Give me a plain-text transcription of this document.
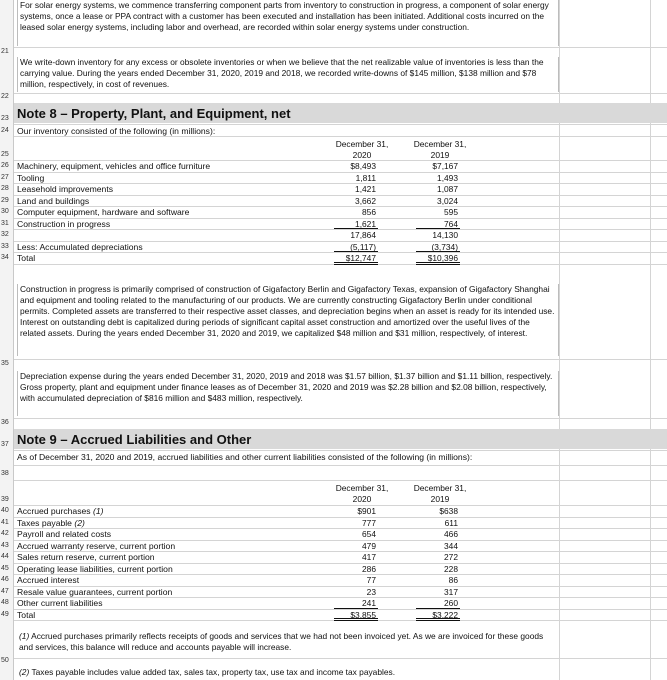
For solar energy systems, we commence transferring component parts from inventory to construction in progress, a component of solar energy systems, once a lease or PPA contract with a customer has been executed and installation has been initiated. Additional costs incurred on the leased solar energy systems, including labor and overhead, are recorded within solar energy systems under construction.
21
We write-down inventory for any excess or obsolete inventories or when we believe that the net realizable value of inventories is less than the carrying value. During the years ended December 31, 2020, 2019 and 2018, we recorded write-downs of $145 million, $138 million and $78 million, respectively, in cost of revenues.
22
Note 8 – Property, Plant, and Equipment, net
23
Our inventory consisted of the following (in millions):
24
December 31,
2020
December 31,
2019
25
26 Machinery, equipment, vehicles and office furniture	$8,493	$7,167
27 Tooling	1,811	1,493
28 Leasehold improvements	1,421	1,087
29 Land and buildings	3,662	3,024
30 Computer equipment, hardware and software	856	595
31 Construction in progress	1,621	764
32	17,864	14,130
33 Less: Accumulated depreciations	(5,117)	(3,734)
34 Total	$12,747	$10,396
Construction in progress is primarily comprised of construction of Gigafactory Berlin and Gigafactory Texas, expansion of Gigafactory Shanghai and equipment and tooling related to the manufacturing of our products. We are currently constructing Gigafactory Berlin under conditional permits. Completed assets are transferred to their respective asset classes, and depreciation begins when an asset is ready for its intended use. Interest on outstanding debt is capitalized during periods of significant capital asset construction and amortized over the useful lives of the related assets. During the years ended December 31, 2020 and 2019, we capitalized $48 million and $31 million, respectively, of interest.
35
Depreciation expense during the years ended December 31, 2020, 2019 and 2018 was $1.57 billion, $1.37 billion and $1.11 billion, respectively. Gross property, plant and equipment under finance leases as of December 31, 2020 and 2019 was $2.28 billion and $2.08 billion, respectively, with accumulated depreciation of $816 million and $483 million, respectively.
36
Note 9 – Accrued Liabilities and Other
37
As of December 31, 2020 and 2019, accrued liabilities and other current liabilities consisted of the following (in millions):
38
December 31,
2020
December 31,
2019
39
40 Accrued purchases (1)	$901	$638
41 Taxes payable (2)	777	611
42 Payroll and related costs	654	466
43 Accrued warranty reserve, current portion	479	344
44 Sales return reserve, current portion	417	272
45 Operating lease liabilities, current portion	286	228
46 Accrued interest	77	86
47 Resale value guarantees, current portion	23	317
48 Other current liabilities	241	260
49 Total	$3,855	$3,222
(1) Accrued purchases primarily reflects receipts of goods and services that we had not been invoiced yet. As we are invoiced for these goods and services, this balance will reduce and accounts payable will increase.
50
(2) Taxes payable includes value added tax, sales tax, property tax, use tax and income tax payables.
